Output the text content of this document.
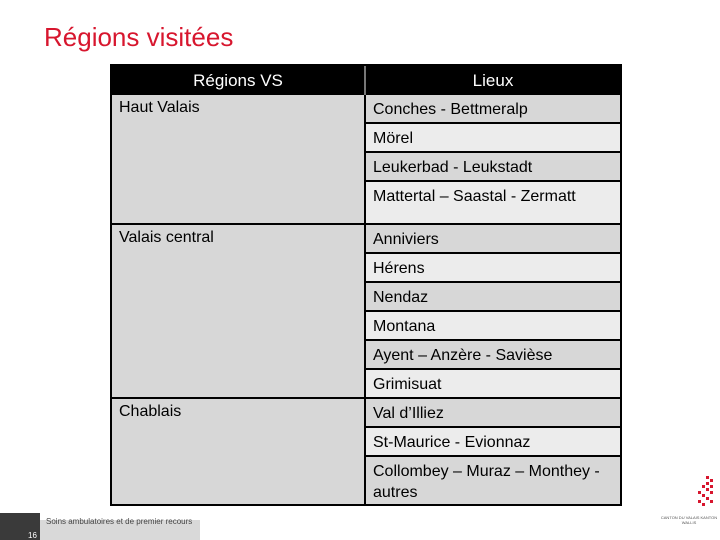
Régions visitées
Régions VS	Lieux
Haut Valais
Valais central
Chablais
Conches - Bettmeralp
Mörel
Leukerbad - Leukstadt
Mattertal – Saastal - Zermatt
Anniviers
Hérens
Nendaz
Montana
Ayent – Anzère - Savièse
Grimisuat
Val d’Illiez
St-Maurice - Evionnaz
Collombey – Muraz – Monthey - autres
Soins ambulatoires et de premier recours
16
CANTON DU VALAIS KANTON WALLIS
